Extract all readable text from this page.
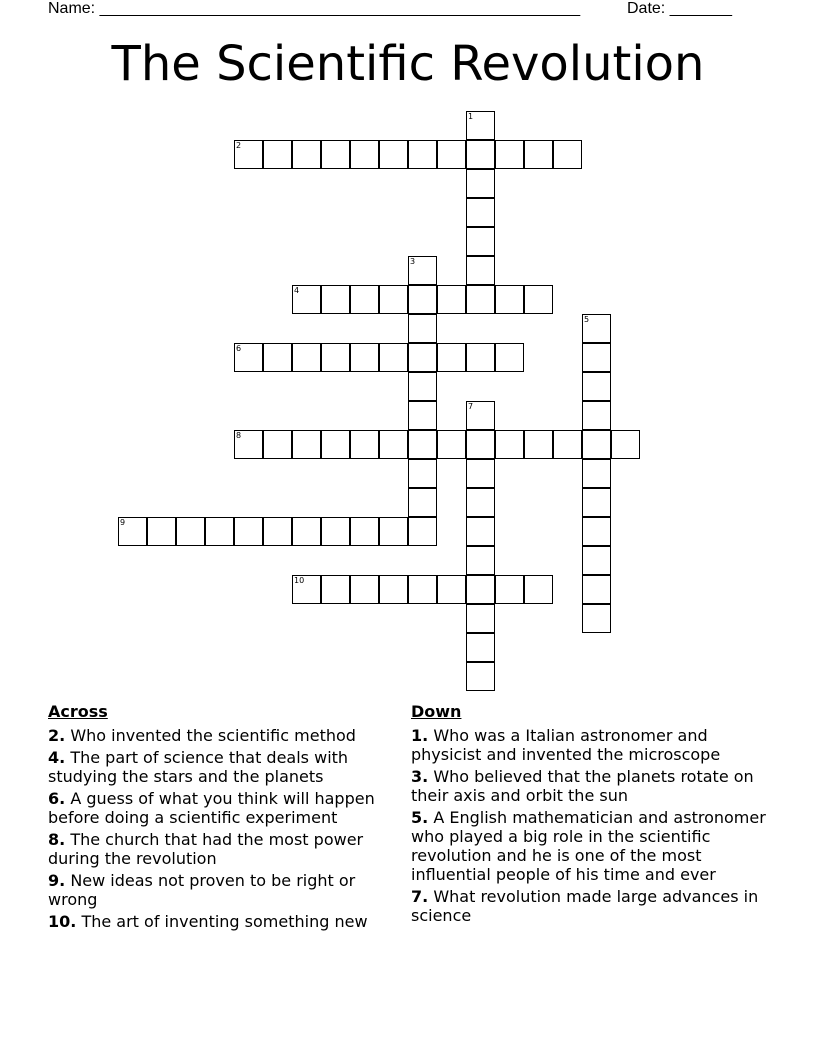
Name: ______________________________________________________	Date: _______
The Scientific Revolution
1
2
3
4
5
6
7
8
9
10
Across
2. Who invented the scientific method
4. The part of science that deals with studying the stars and the planets
6. A guess of what you think will happen before doing a scientific experiment
8. The church that had the most power during the revolution
9. New ideas not proven to be right or wrong
10. The art of inventing something new
Down
1. Who was a Italian astronomer and physicist and invented the microscope
3. Who believed that the planets rotate on their axis and orbit the sun
5. A English mathematician and astronomer who played a big role in the scientific revolution and he is one of the most influential people of his time and ever
7. What revolution made large advances in science
